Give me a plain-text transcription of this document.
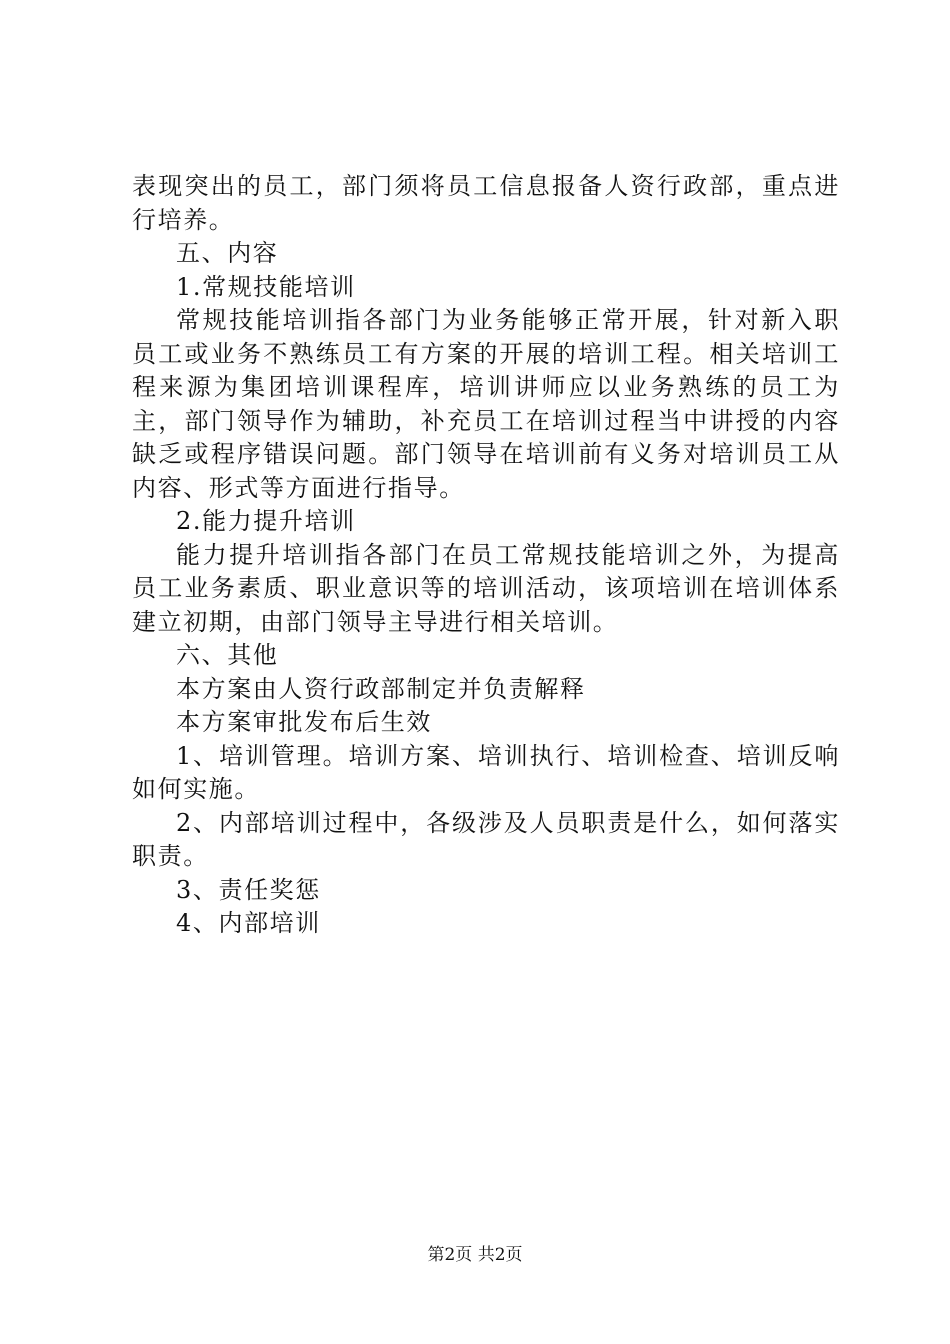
表现突出的员工，部门须将员工信息报备人资行政部，重点进行培养。

五、内容

1.常规技能培训

常规技能培训指各部门为业务能够正常开展，针对新入职员工或业务不熟练员工有方案的开展的培训工程。相关培训工程来源为集团培训课程库，培训讲师应以业务熟练的员工为主，部门领导作为辅助，补充员工在培训过程当中讲授的内容缺乏或程序错误问题。部门领导在培训前有义务对培训员工从内容、形式等方面进行指导。

2.能力提升培训

能力提升培训指各部门在员工常规技能培训之外，为提高员工业务素质、职业意识等的培训活动，该项培训在培训体系建立初期，由部门领导主导进行相关培训。

六、其他

本方案由人资行政部制定并负责解释

本方案审批发布后生效

1、培训管理。培训方案、培训执行、培训检查、培训反响如何实施。

2、内部培训过程中，各级涉及人员职责是什么，如何落实职责。

3、责任奖惩

4、内部培训

第2页 共2页
